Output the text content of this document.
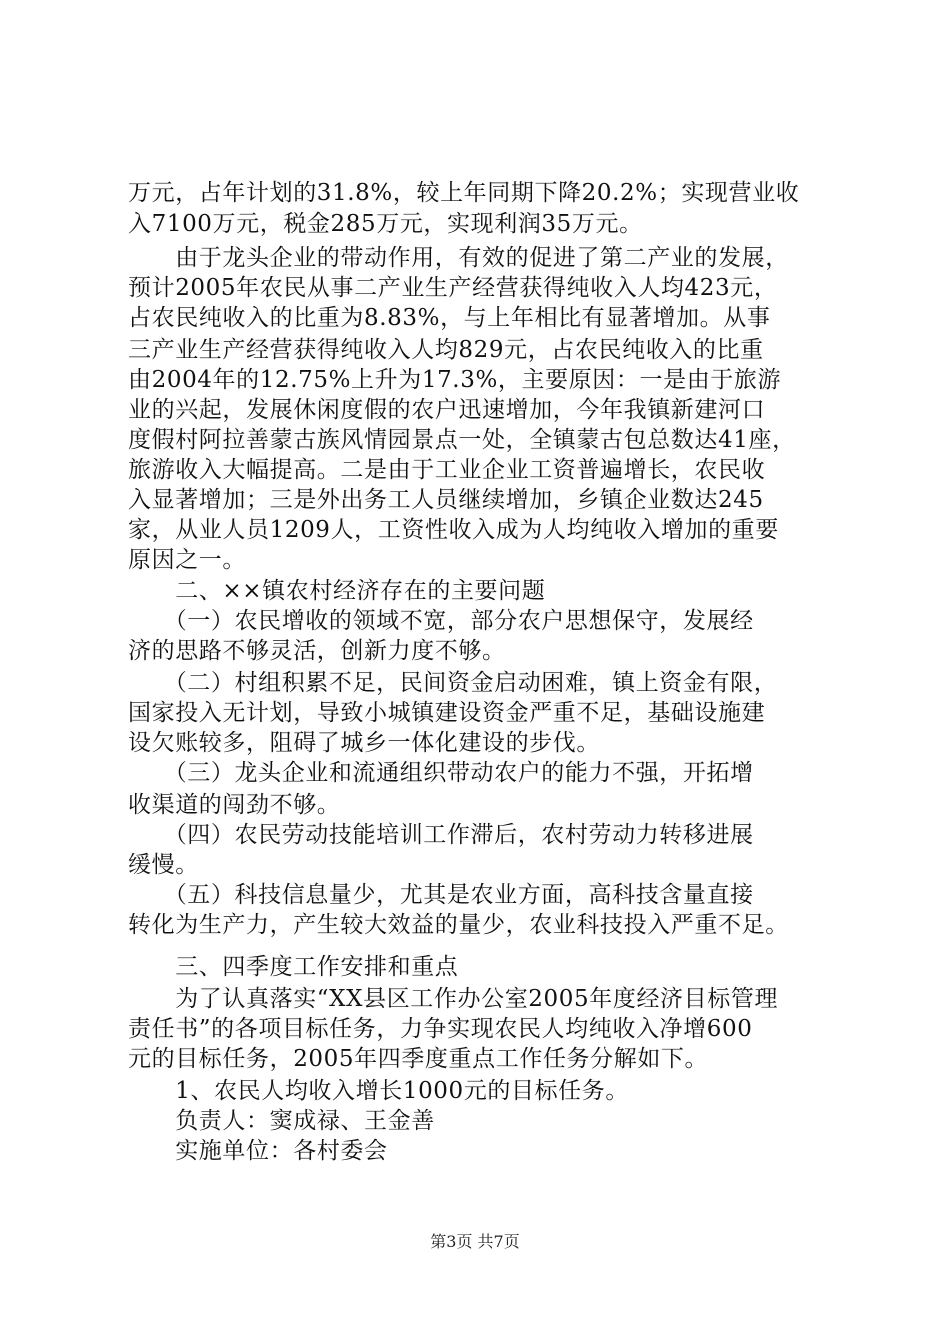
万元，占年计划的31.8%，较上年同期下降20.2%；实现营业收
入7100万元，税金285万元，实现利润35万元。
　　由于龙头企业的带动作用，有效的促进了第二产业的发展，
预计2005年农民从事二产业生产经营获得纯收入人均423元，
占农民纯收入的比重为8.83%，与上年相比有显著增加。从事
三产业生产经营获得纯收入人均829元，占农民纯收入的比重
由2004年的12.75%上升为17.3%，主要原因：一是由于旅游
业的兴起，发展休闲度假的农户迅速增加，今年我镇新建河口
度假村阿拉善蒙古族风情园景点一处，全镇蒙古包总数达41座，
旅游收入大幅提高。二是由于工业企业工资普遍增长，农民收
入显著增加；三是外出务工人员继续增加，乡镇企业数达245
家，从业人员1209人，工资性收入成为人均纯收入增加的重要
原因之一。
　　二、××镇农村经济存在的主要问题
　　（一）农民增收的领域不宽，部分农户思想保守，发展经
济的思路不够灵活，创新力度不够。
　　（二）村组积累不足，民间资金启动困难，镇上资金有限，
国家投入无计划，导致小城镇建设资金严重不足，基础设施建
设欠账较多，阻碍了城乡一体化建设的步伐。
　　（三）龙头企业和流通组织带动农户的能力不强，开拓增
收渠道的闯劲不够。
　　（四）农民劳动技能培训工作滞后，农村劳动力转移进展
缓慢。
　　（五）科技信息量少，尤其是农业方面，高科技含量直接
转化为生产力，产生较大效益的量少，农业科技投入严重不足。
　　三、四季度工作安排和重点
　　为了认真落实“XX县区工作办公室2005年度经济目标管理
责任书”的各项目标任务，力争实现农民人均纯收入净增600
元的目标任务，2005年四季度重点工作任务分解如下。
　　1、农民人均收入增长1000元的目标任务。
　　负责人：窦成禄、王金善
　　实施单位：各村委会
第3页 共7页
